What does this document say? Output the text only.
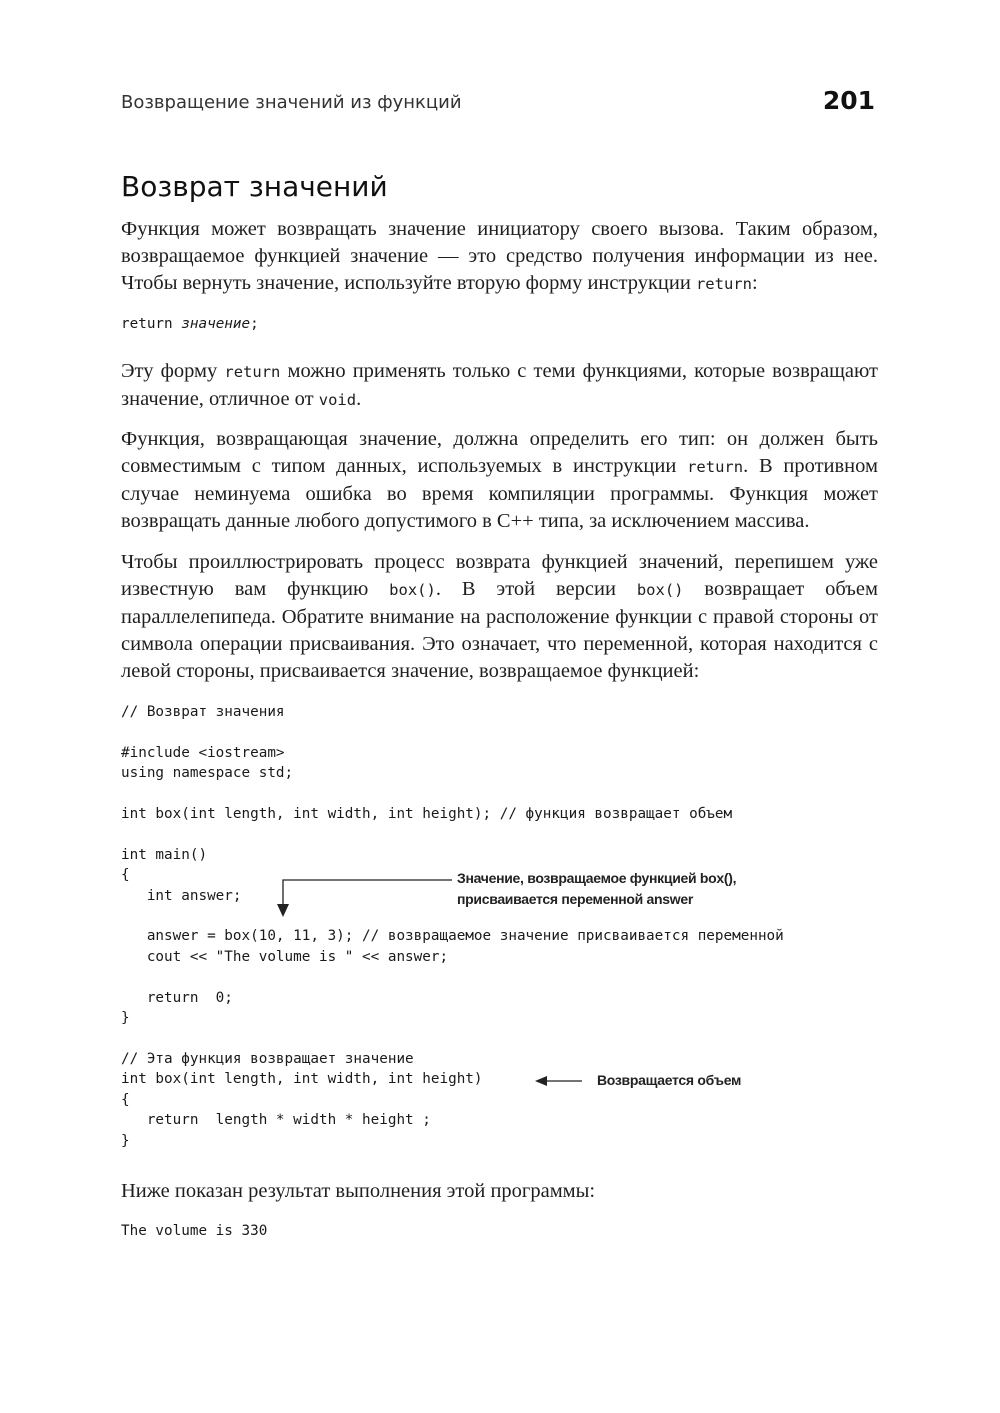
Возвращение значений из функций	201
Возврат значений

Функция может возвращать значение инициатору своего вызова. Таким образом, возвращаемое функцией значение — это средство получения информации из нее. Чтобы вернуть значение, используйте вторую форму инструкции return:

return значение;

Эту форму return можно применять только с теми функциями, которые возвращают значение, отличное от void.

Функция, возвращающая значение, должна определить его тип: он должен быть совместимым с типом данных, используемых в инструкции return. В противном случае неминуема ошибка во время компиляции программы. Функция может возвращать данные любого допустимого в С++ типа, за исключением массива.

Чтобы проиллюстрировать процесс возврата функцией значений, перепишем уже известную вам функцию box(). В этой версии box() возвращает объем параллелепипеда. Обратите внимание на расположение функции с правой стороны от символа операции присваивания. Это означает, что переменной, которая находится с левой стороны, присваивается значение, возвращаемое функцией:

// Возврат значения
#include <iostream>
using namespace std;
int box(int length, int width, int height); // функция возвращает объем
int main()
{
int answer;
answer = box(10, 11, 3); // возвращаемое значение присваивается переменной
cout << "The volume is " << answer;
return  0;
}
// Эта функция возвращает значение
int box(int length, int width, int height)
{
return  length * width * height ;
}
Значение, возвращаемое функцией box(),
присваивается переменной answer
Возвращается объем

Ниже показан результат выполнения этой программы:

The volume is 330
